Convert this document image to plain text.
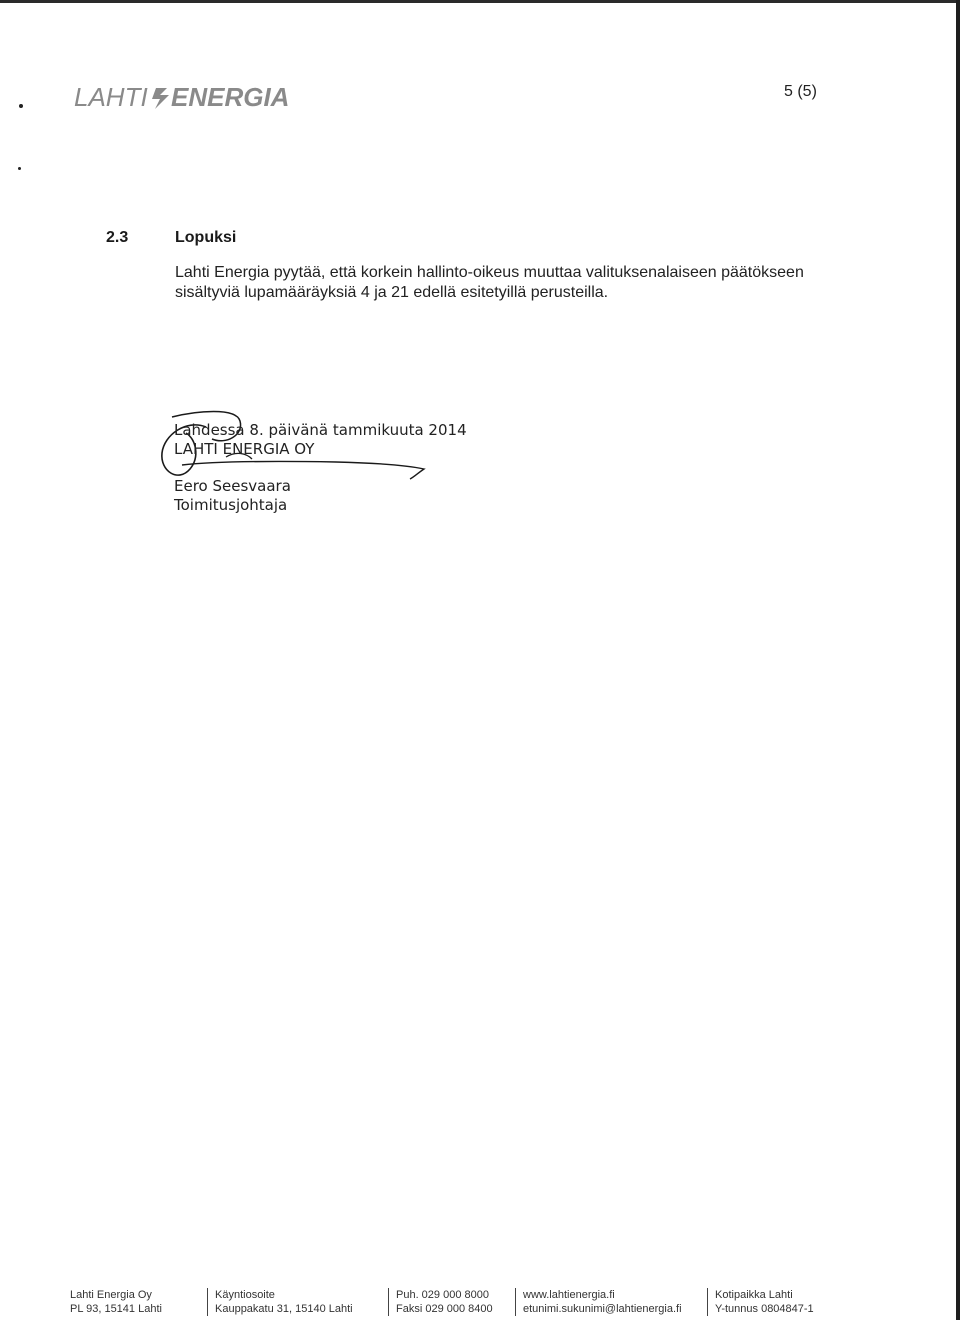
LAHTI ENERGIA	5 (5)
2.3	Lopuksi
Lahti Energia pyytää, että korkein hallinto-oikeus muuttaa valituksenalaiseen päätökseen
sisältyviä lupamääräyksiä 4 ja 21 edellä esitetyillä perusteilla.
Lahdessa 8. päivänä tammikuuta 2014
LAHTI ENERGIA OY
Eero Seesvaara
Toimitusjohtaja
Lahti Energia Oy
PL 93, 15141 Lahti
Käyntiosoite
Kauppakatu 31, 15140 Lahti
Puh. 029 000 8000
Faksi 029 000 8400
www.lahtienergia.fi
etunimi.sukunimi@lahtienergia.fi
Kotipaikka Lahti
Y-tunnus 0804847-1
